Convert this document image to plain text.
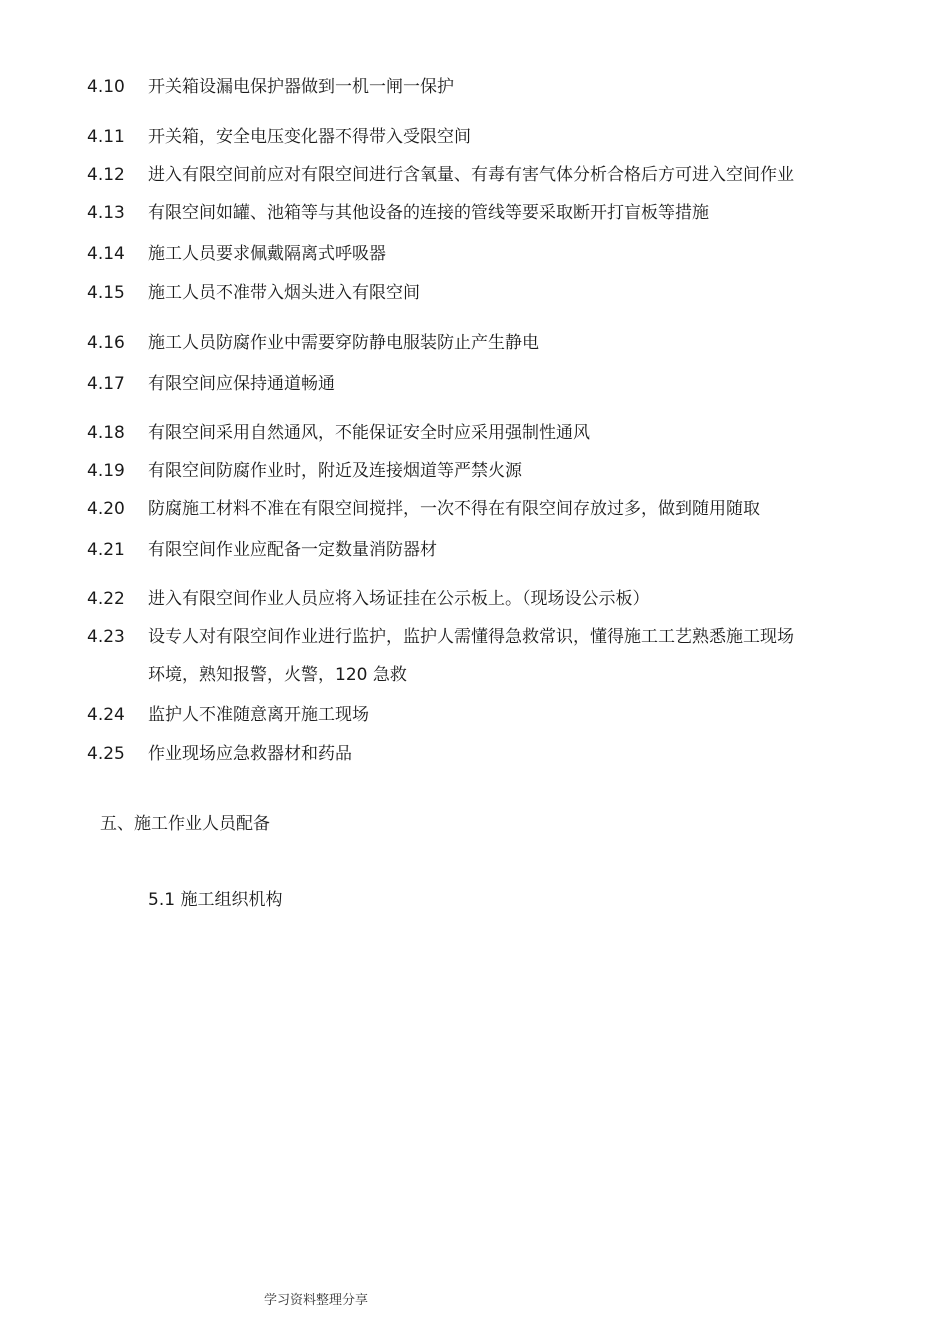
4.10 开关箱设漏电保护器做到一机一闸一保护
4.11 开关箱，安全电压变化器不得带入受限空间
4.12 进入有限空间前应对有限空间进行含氧量、有毒有害气体分析合格后方可进入空间作业
4.13 有限空间如罐、池箱等与其他设备的连接的管线等要采取断开打盲板等措施
4.14 施工人员要求佩戴隔离式呼吸器
4.15 施工人员不准带入烟头进入有限空间
4.16 施工人员防腐作业中需要穿防静电服装防止产生静电
4.17 有限空间应保持通道畅通
4.18 有限空间采用自然通风，不能保证安全时应采用强制性通风
4.19 有限空间防腐作业时，附近及连接烟道等严禁火源
4.20 防腐施工材料不准在有限空间搅拌，一次不得在有限空间存放过多，做到随用随取
4.21 有限空间作业应配备一定数量消防器材
4.22 进入有限空间作业人员应将入场证挂在公示板上。（现场设公示板）
4.23 设专人对有限空间作业进行监护，监护人需懂得急救常识，懂得施工工艺熟悉施工现场
环境，熟知报警，火警，120 急救
4.24 监护人不准随意离开施工现场
4.25 作业现场应急救器材和药品
五、施工作业人员配备
5.1 施工组织机构
学习资料整理分享
